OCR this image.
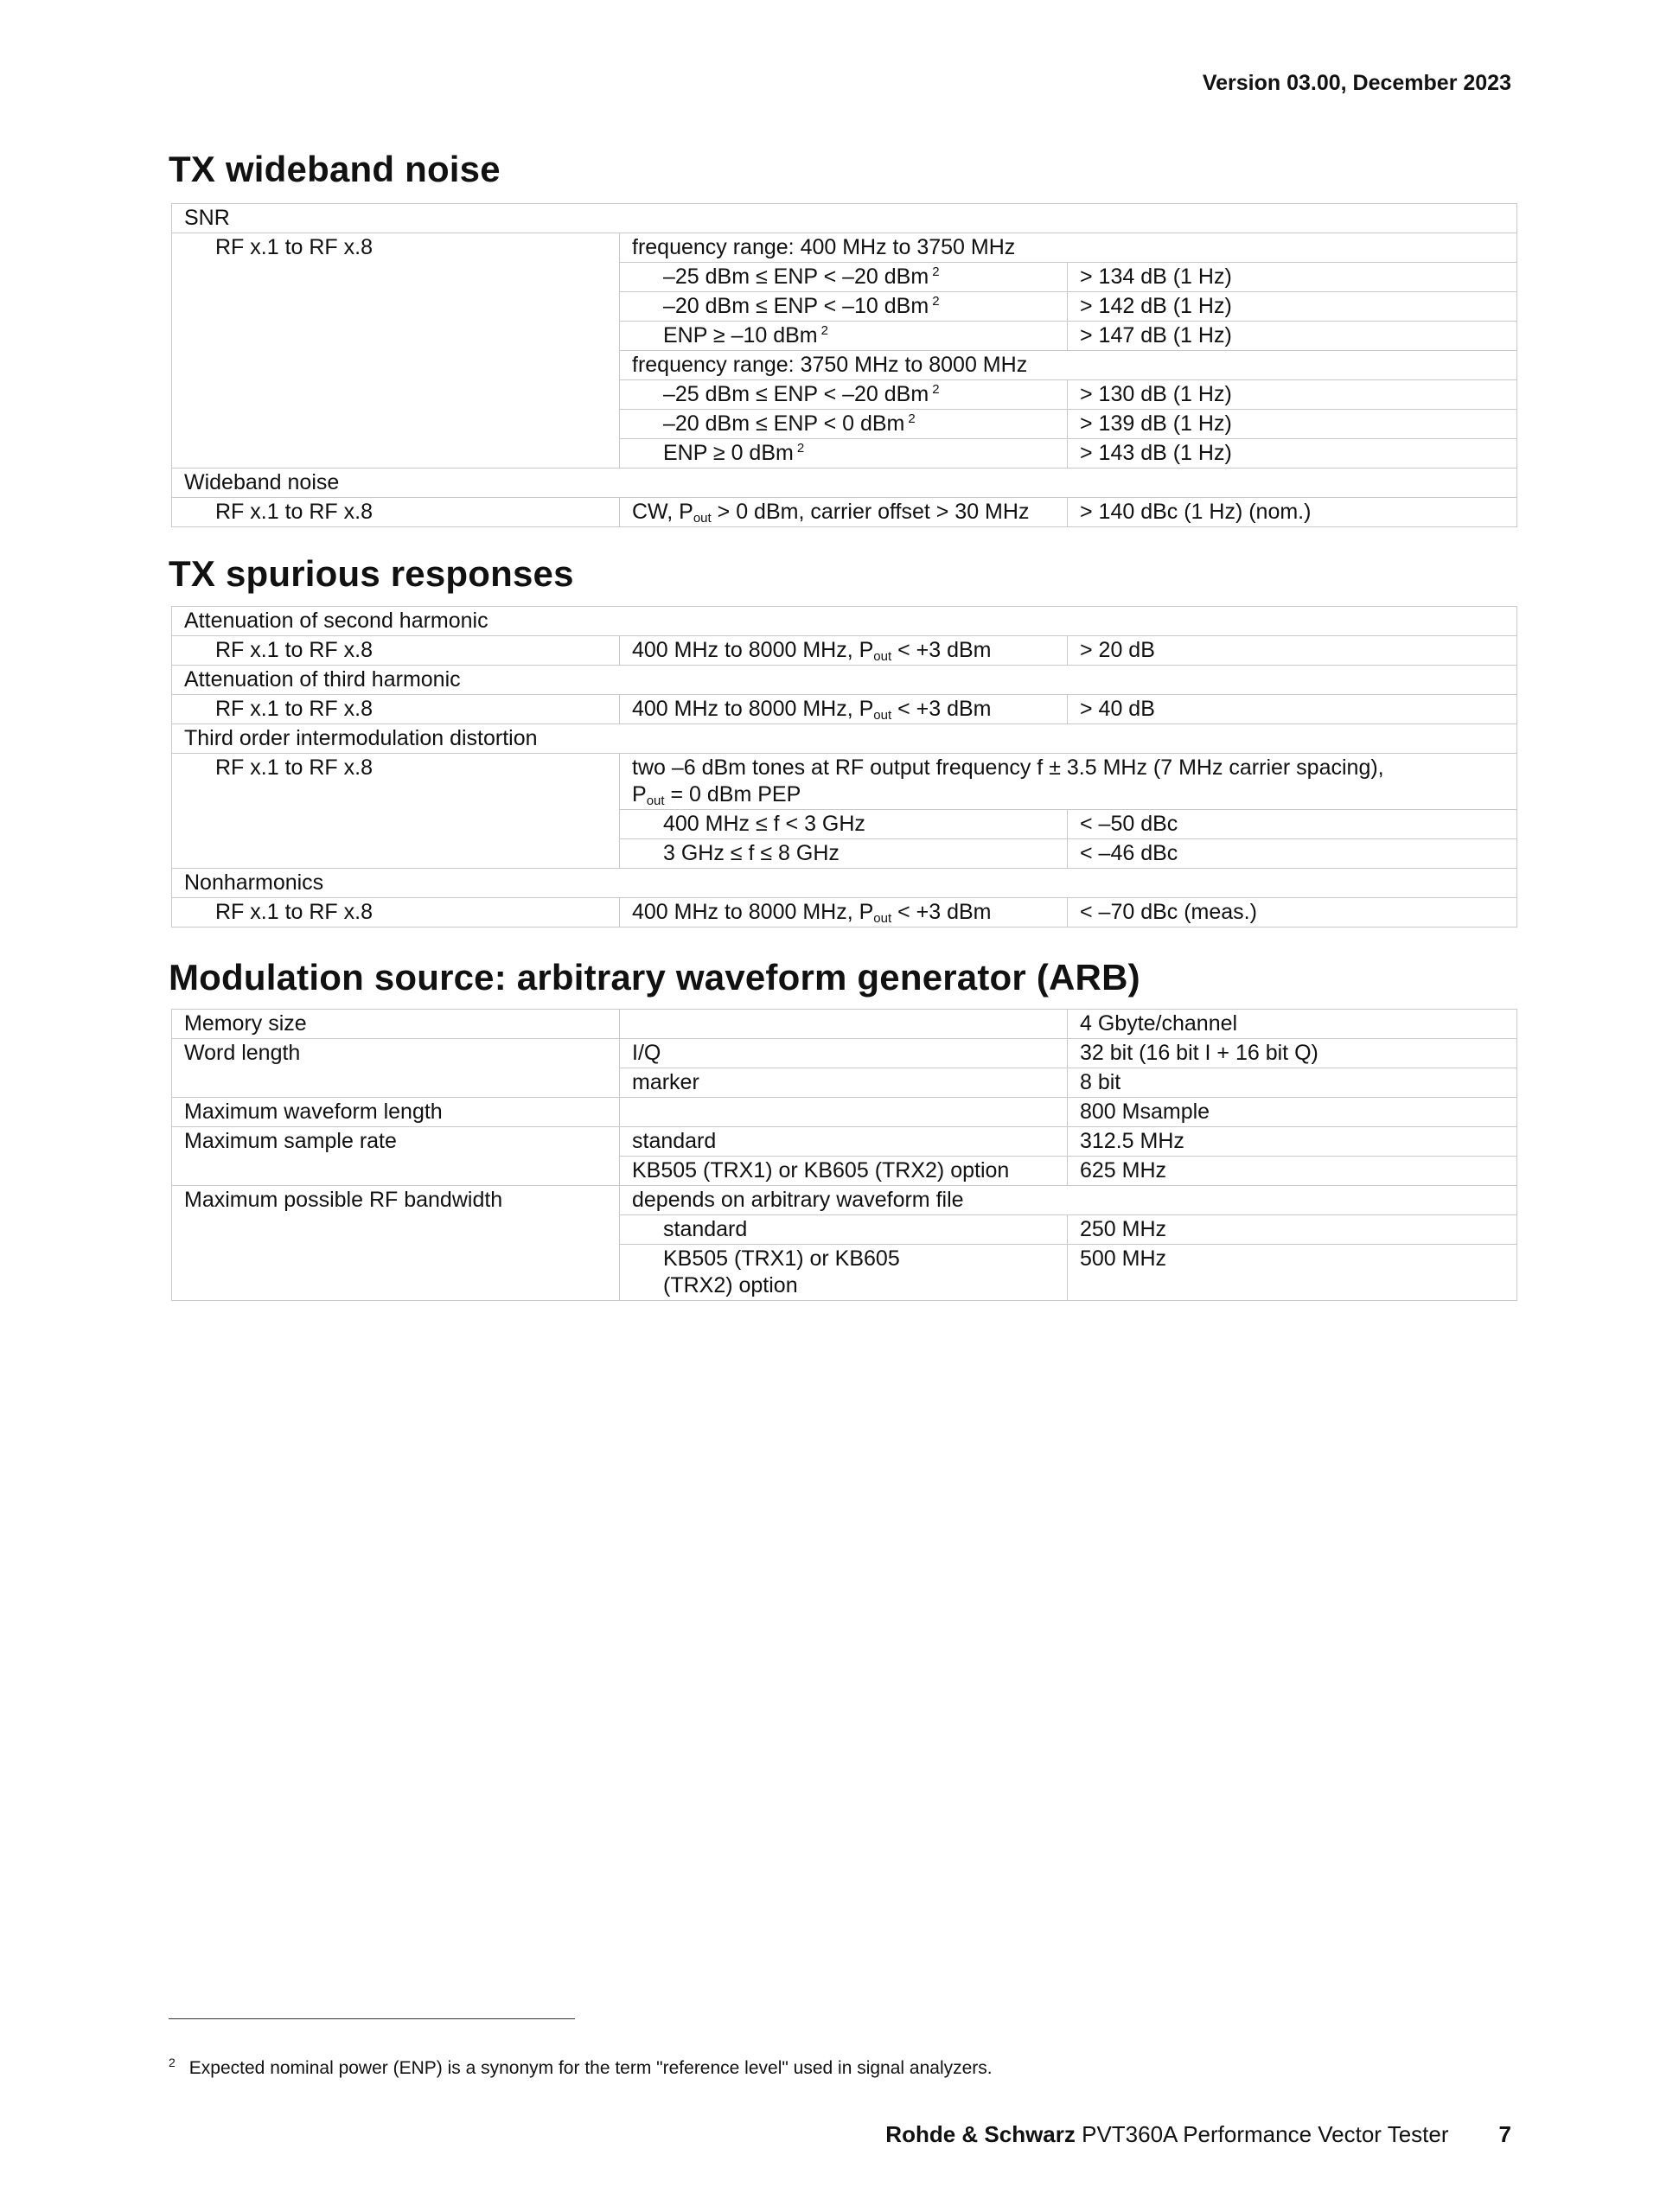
Version 03.00, December 2023
TX wideband noise
SNR		
RF x.1 to RF x.8	frequency range: 400 MHz to 3750 MHz	
	–25 dBm ≤ ENP < –20 dBm $^2$	> 134 dB (1 Hz)
	–20 dBm ≤ ENP < –10 dBm $^2$	> 142 dB (1 Hz)
	ENP ≥ –10 dBm $^2$	> 147 dB (1 Hz)
	frequency range: 3750 MHz to 8000 MHz	
	–25 dBm ≤ ENP < –20 dBm $^2$	> 130 dB (1 Hz)
	–20 dBm ≤ ENP < 0 dBm $^2$	> 139 dB (1 Hz)
	ENP ≥ 0 dBm $^2$	> 143 dB (1 Hz)
Wideband noise		
RF x.1 to RF x.8	CW, $P_{out} > 0$ dBm, carrier offset > 30 MHz	> 140 dBc (1 Hz) (nom.)
TX spurious responses
Attenuation of second harmonic		
RF x.1 to RF x.8	400 MHz to 8000 MHz, $P_{out} < +3$ dBm	> 20 dB
Attenuation of third harmonic		
RF x.1 to RF x.8	400 MHz to 8000 MHz, $P_{out} < +3$ dBm	> 40 dB
Third order intermodulation distortion		
RF x.1 to RF x.8	two –6 dBm tones at RF output frequency f ± 3.5 MHz (7 MHz carrier spacing),
$P_{out} = 0$ dBm PEP	
	400 MHz ≤ f < 3 GHz	< –50 dBc
	3 GHz ≤ f ≤ 8 GHz	< –46 dBc
Nonharmonics		
RF x.1 to RF x.8	400 MHz to 8000 MHz, $P_{out} < +3$ dBm	< –70 dBc (meas.)
Modulation source: arbitrary waveform generator (ARB)
Memory size		4 Gbyte/channel
Word length	I/Q	32 bit (16 bit I + 16 bit Q)
	marker	8 bit
Maximum waveform length		800 Msample
Maximum sample rate	standard	312.5 MHz
	KB505 (TRX1) or KB605 (TRX2) option	625 MHz
Maximum possible RF bandwidth	depends on arbitrary waveform file	
	standard	250 MHz
	KB505 (TRX1) or KB605 (TRX2) option	500 MHz
$^2$ Expected nominal power (ENP) is a synonym for the term "reference level" used in signal analyzers.
Rohde & Schwarz PVT360A Performance Vector Tester 7
